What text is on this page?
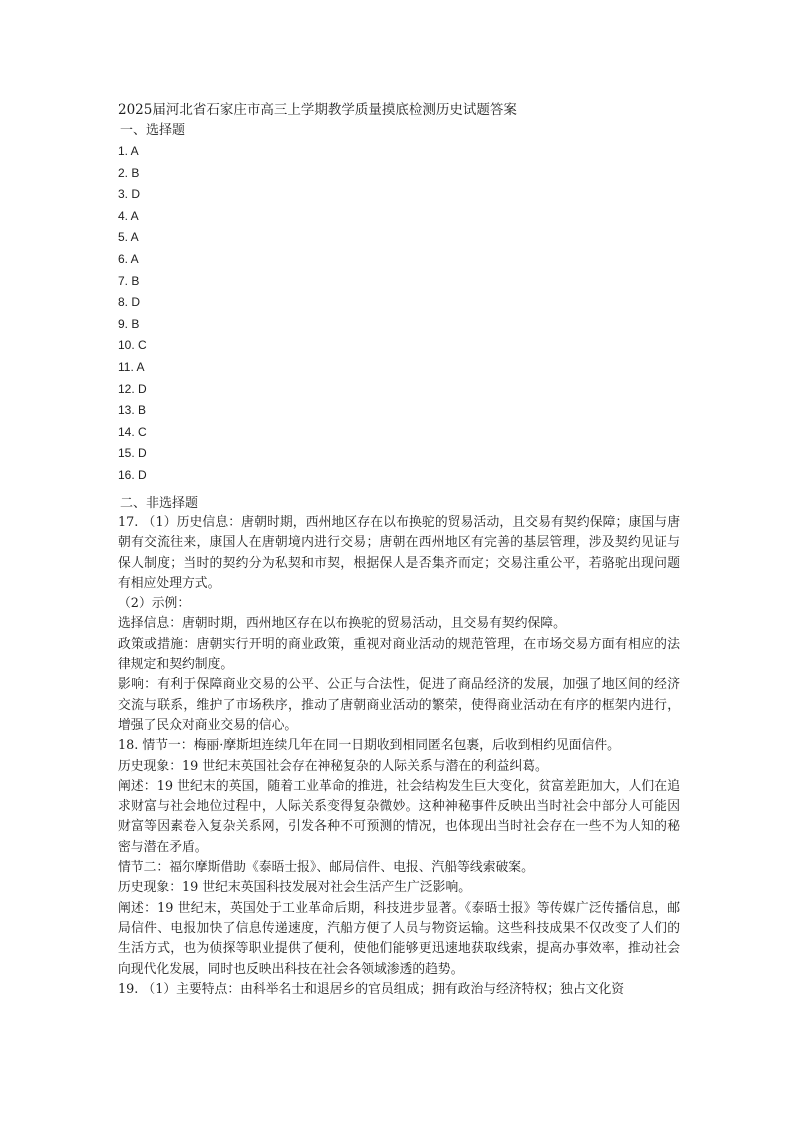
2025届河北省石家庄市高三上学期教学质量摸底检测历史试题答案
一、选择题
1. A
2. B
3. D
4. A
5. A
6. A
7. B
8. D
9. B
10. C
11. A
12. D
13. B
14. C
15. D
16. D
二、非选择题

17. （1）历史信息：唐朝时期，西州地区存在以布换驼的贸易活动，且交易有契约保障；康国与唐朝有交流往来，康国人在唐朝境内进行交易；唐朝在西州地区有完善的基层管理，涉及契约见证与保人制度；当时的契约分为私契和市契，根据保人是否集齐而定；交易注重公平，若骆驼出现问题有相应处理方式。

（2）示例：

选择信息：唐朝时期，西州地区存在以布换驼的贸易活动，且交易有契约保障。

政策或措施：唐朝实行开明的商业政策，重视对商业活动的规范管理，在市场交易方面有相应的法律规定和契约制度。

影响：有利于保障商业交易的公平、公正与合法性，促进了商品经济的发展，加强了地区间的经济交流与联系，维护了市场秩序，推动了唐朝商业活动的繁荣，使得商业活动在有序的框架内进行，增强了民众对商业交易的信心。

18. 情节一：梅丽·摩斯坦连续几年在同一日期收到相同匿名包裹，后收到相约见面信件。

历史现象：19 世纪末英国社会存在神秘复杂的人际关系与潜在的利益纠葛。

阐述：19 世纪末的英国，随着工业革命的推进，社会结构发生巨大变化，贫富差距加大，人们在追求财富与社会地位过程中，人际关系变得复杂微妙。这种神秘事件反映出当时社会中部分人可能因财富等因素卷入复杂关系网，引发各种不可预测的情况，也体现出当时社会存在一些不为人知的秘密与潜在矛盾。

情节二：福尔摩斯借助《泰晤士报》、邮局信件、电报、汽船等线索破案。

历史现象：19 世纪末英国科技发展对社会生活产生广泛影响。

阐述：19 世纪末，英国处于工业革命后期，科技进步显著。《泰晤士报》等传媒广泛传播信息，邮局信件、电报加快了信息传递速度，汽船方便了人员与物资运输。这些科技成果不仅改变了人们的生活方式，也为侦探等职业提供了便利，使他们能够更迅速地获取线索，提高办事效率，推动社会向现代化发展，同时也反映出科技在社会各领域渗透的趋势。

19. （1）主要特点：由科举名士和退居乡的官员组成；拥有政治与经济特权；独占文化资
